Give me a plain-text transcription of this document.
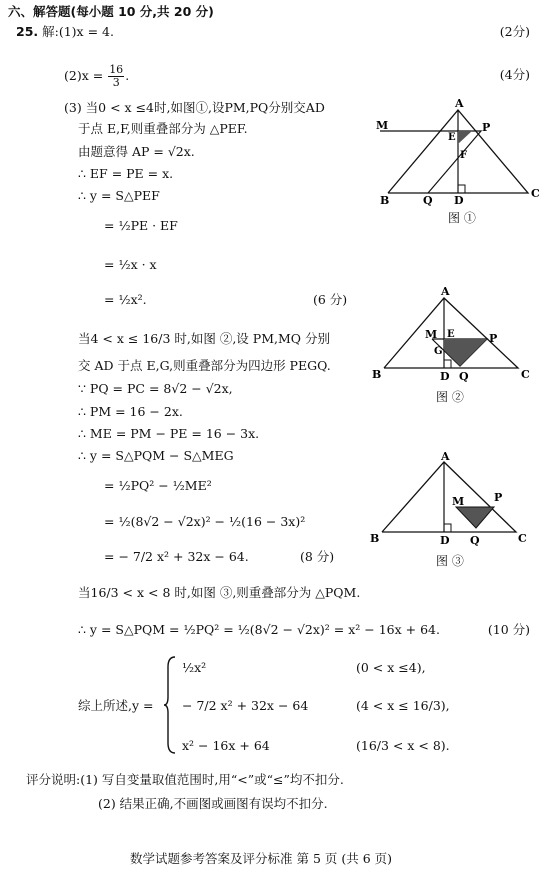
六、解答题(每小题 10 分,共 20 分)
25. 解:(1)x = 4.	(2分)
$(2)x = \frac{16}{3}$ .	(4分)
(3) 当0 < x ≤4时,如图①,设PM,PQ分别交AD
于点 E,F,则重叠部分为 △PEF.
由题意得 AP = √2x.
∴ EF = PE = x.
∴ y = S△PEF
= ½PE · EF
= ½x · x
= ½x².	(6 分)
当4 < x ≤ 16/3 时,如图 ②,设 PM,MQ 分别
交 AD 于点 E,G,则重叠部分为四边形 PEGQ.
∵ PQ = PC = 8√2 − √2x,
∴ PM = 16 − 2x.
∴ ME = PM − PE = 16 − 3x.
∴ y = S△PQM − S△MEG
= ½PQ² − ½ME²
= ½(8√2 − √2x)² − ½(16 − 3x)²
= − 7/2 x² + 32x − 64.	(8 分)
当16/3 < x < 8 时,如图 ③,则重叠部分为 △PQM.
∴ y = S△PQM = ½PQ² = ½(8√2 − √2x)² = x² − 16x + 64.	(10 分)
综上所述,y =
½x²	(0 < x ≤4),
− 7/2 x² + 32x − 64	(4 < x ≤ 16/3),
x² − 16x + 64	(16/3 < x < 8).
评分说明:(1) 写自变量取值范围时,用“<”或“≤”均不扣分.
(2) 结果正确,不画图或画图有误均不扣分.
数学试题参考答案及评分标准 第 5 页 (共 6 页)
A
M
E
P
F
B	Q D
C
图 ①
A
M E	P
G
B	D Q	C
图 ②
A
M	P
B	D Q	C
图 ③
